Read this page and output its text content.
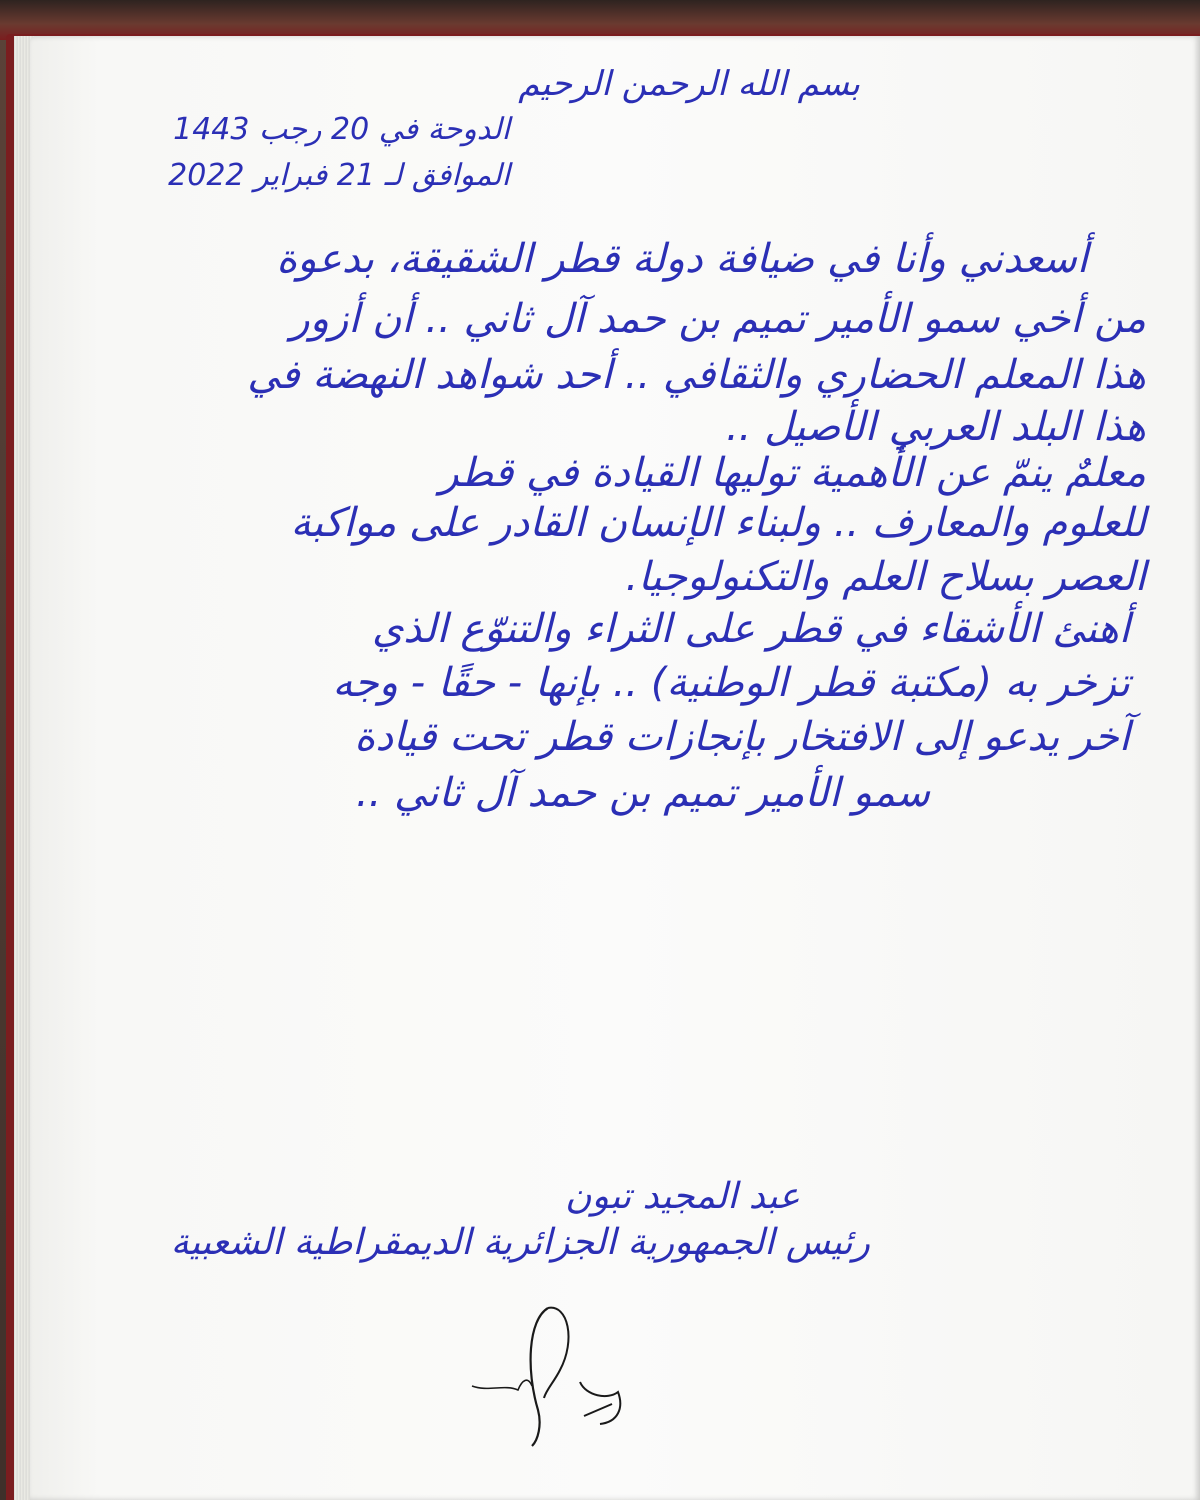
بسم الله الرحمن الرحيم
الدوحة في 20 رجب 1443
الموافق لـ 21 فبراير 2022
أسعدني وأنا في ضيافة دولة قطر الشقيقة، بدعوة
من أخي سمو الأمير تميم بن حمد آل ثاني .. أن أزور
هذا المعلم الحضاري والثقافي .. أحد شواهد النهضة في
هذا البلد العربي الأصيل ..
معلمٌ ينمّ عن الأهمية توليها القيادة في قطر
للعلوم والمعارف .. ولبناء الإنسان القادر على مواكبة
العصر بسلاح العلم والتكنولوجيا.
أهنئ الأشقاء في قطر على الثراء والتنوّع الذي
تزخر به (مكتبة قطر الوطنية) .. بإنها - حقًا - وجه
آخر يدعو إلى الافتخار بإنجازات قطر تحت قيادة
سمو الأمير تميم بن حمد آل ثاني ..
عبد المجيد تبون
رئيس الجمهورية الجزائرية الديمقراطية الشعبية
